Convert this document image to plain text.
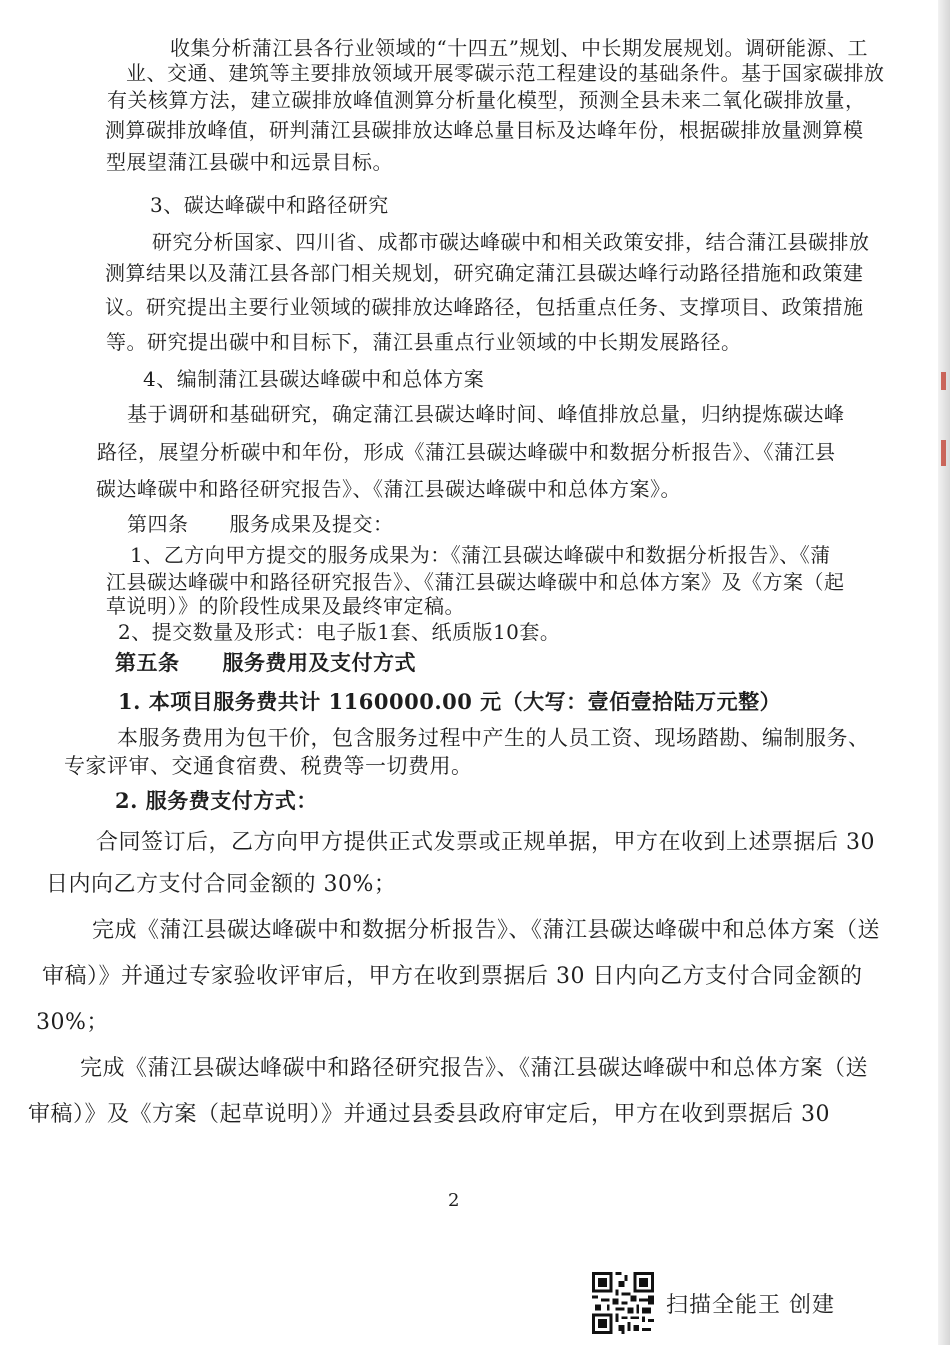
收集分析蒲江县各行业领域的“十四五”规划、中长期发展规划。调研能源、工
业、交通、建筑等主要排放领域开展零碳示范工程建设的基础条件。基于国家碳排放
有关核算方法，建立碳排放峰值测算分析量化模型，预测全县未来二氧化碳排放量，
测算碳排放峰值，研判蒲江县碳排放达峰总量目标及达峰年份，根据碳排放量测算模
型展望蒲江县碳中和远景目标。
3、碳达峰碳中和路径研究
研究分析国家、四川省、成都市碳达峰碳中和相关政策安排，结合蒲江县碳排放
测算结果以及蒲江县各部门相关规划，研究确定蒲江县碳达峰行动路径措施和政策建
议。研究提出主要行业领域的碳排放达峰路径，包括重点任务、支撑项目、政策措施
等。研究提出碳中和目标下，蒲江县重点行业领域的中长期发展路径。
4、编制蒲江县碳达峰碳中和总体方案
基于调研和基础研究，确定蒲江县碳达峰时间、峰值排放总量，归纳提炼碳达峰
路径，展望分析碳中和年份，形成《蒲江县碳达峰碳中和数据分析报告》、《蒲江县
碳达峰碳中和路径研究报告》、《蒲江县碳达峰碳中和总体方案》。
第四条　　服务成果及提交：
1、乙方向甲方提交的服务成果为：《蒲江县碳达峰碳中和数据分析报告》、《蒲
江县碳达峰碳中和路径研究报告》、《蒲江县碳达峰碳中和总体方案》及《方案（起
草说明）》的阶段性成果及最终审定稿。
2、提交数量及形式：电子版1套、纸质版10套。
第五条　　服务费用及支付方式
1. 本项目服务费共计 1160000.00 元（大写：壹佰壹拾陆万元整）
本服务费用为包干价，包含服务过程中产生的人员工资、现场踏勘、编制服务、
专家评审、交通食宿费、税费等一切费用。
2. 服务费支付方式：
合同签订后，乙方向甲方提供正式发票或正规单据，甲方在收到上述票据后 30
日内向乙方支付合同金额的 30%；
完成《蒲江县碳达峰碳中和数据分析报告》、《蒲江县碳达峰碳中和总体方案（送
审稿）》并通过专家验收评审后，甲方在收到票据后 30 日内向乙方支付合同金额的
30%；
完成《蒲江县碳达峰碳中和路径研究报告》、《蒲江县碳达峰碳中和总体方案（送
审稿）》及《方案（起草说明）》并通过县委县政府审定后，甲方在收到票据后 30
2
扫描全能王 创建
